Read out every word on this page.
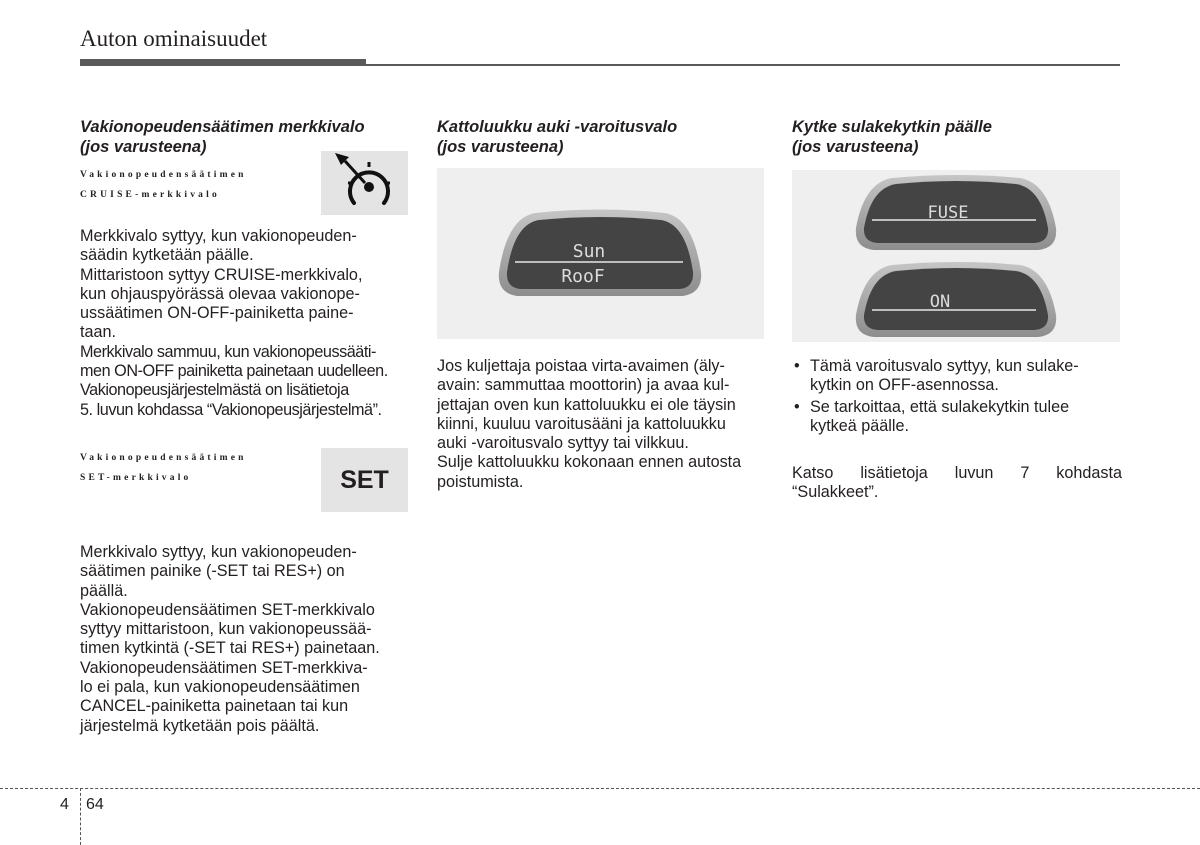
Auton ominaisuudet
Vakionopeudensäätimen merkkivalo
(jos varusteena)
Vakionopeudensäätimen
CRUISE-merkkivalo
Merkkivalo syttyy, kun vakionopeuden-
säädin kytketään päälle.
Mittaristoon syttyy CRUISE-merkkivalo,
kun ohjauspyörässä olevaa vakionope-
ussäätimen ON-OFF-painiketta paine-
taan.
Merkkivalo sammuu, kun vakionopeussääti-
men ON-OFF painiketta painetaan uudelleen.
Vakionopeusjärjestelmästä on lisätietoja
5. luvun kohdassa “Vakionopeusjärjestelmä”.
Vakionopeudensäätimen
SET-merkkivalo	SET
Merkkivalo syttyy, kun vakionopeuden-
säätimen painike (-SET tai RES+) on
päällä.
Vakionopeudensäätimen SET-merkkivalo
syttyy mittaristoon, kun vakionopeussää-
timen kytkintä (-SET tai RES+) painetaan.
Vakionopeudensäätimen SET-merkkiva-
lo ei pala, kun vakionopeudensäätimen
CANCEL-painiketta painetaan tai kun
järjestelmä kytketään pois päältä.
Kattoluukku auki -varoitusvalo
(jos varusteena)
Sun
RooF
Jos kuljettaja poistaa virta-avaimen (äly-
avain: sammuttaa moottorin) ja avaa kul-
jettajan oven kun kattoluukku ei ole täysin
kiinni, kuuluu varoitusääni ja kattoluukku
auki -varoitusvalo syttyy tai vilkkuu.
Sulje kattoluukku kokonaan ennen autosta
poistumista.
Kytke sulakekytkin päälle
(jos varusteena)
FUSE
ON
• Tämä varoitusvalo syttyy, kun sulake-
kytkin on OFF-asennossa.
• Se tarkoittaa, että sulakekytkin tulee
kytkeä päälle.
Katso lisätietoja luvun 7 kohdasta
“Sulakkeet”.
4 64
